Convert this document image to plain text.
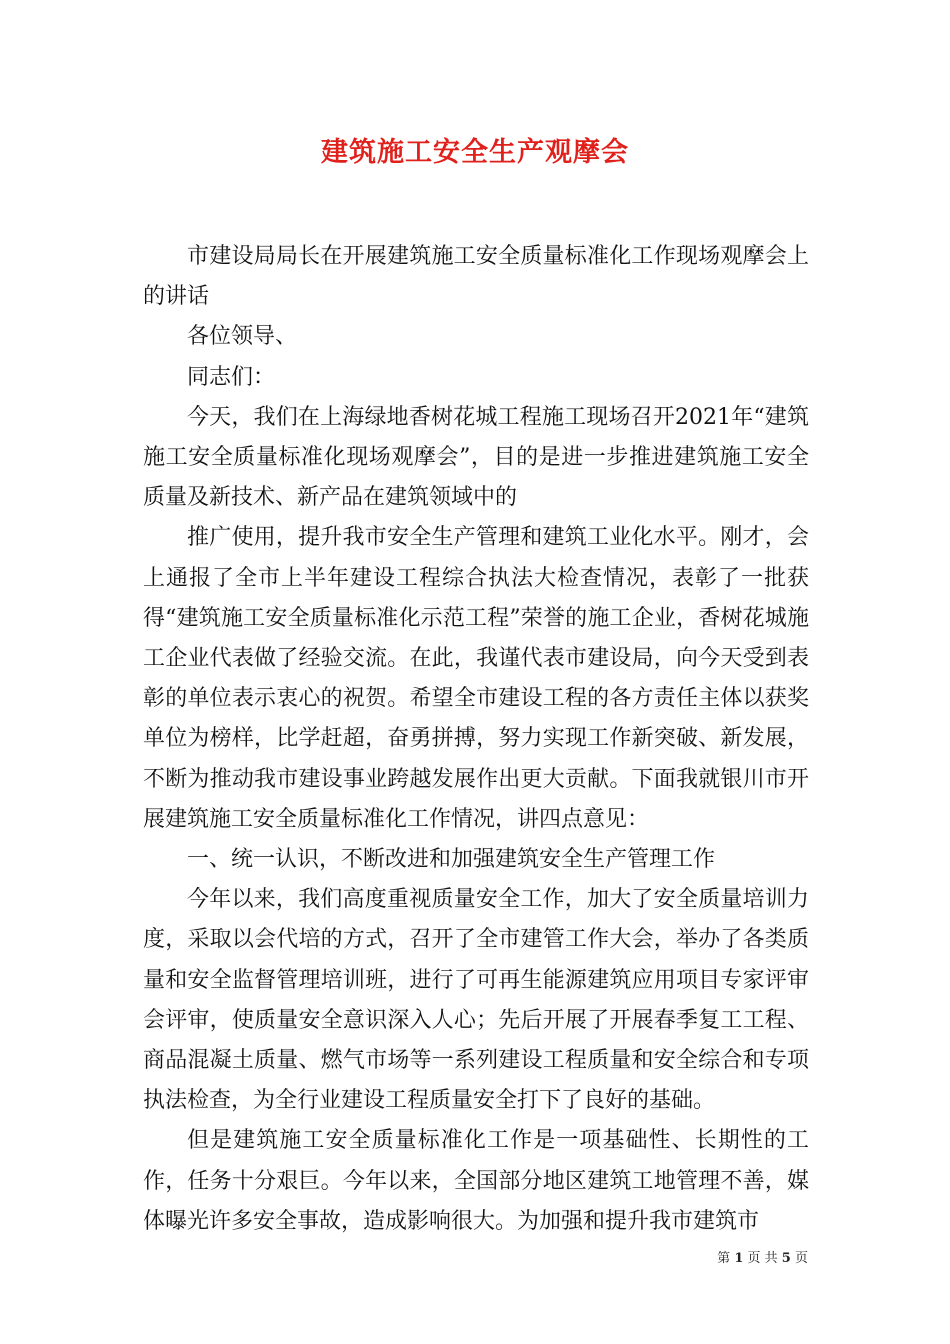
建筑施工安全生产观摩会

市建设局局长在开展建筑施工安全质量标准化工作现场观摩会上的讲话

各位领导、

同志们：

今天，我们在上海绿地香树花城工程施工现场召开2021年“建筑施工安全质量标准化现场观摩会”，目的是进一步推进建筑施工安全质量及新技术、新产品在建筑领域中的

推广使用，提升我市安全生产管理和建筑工业化水平。刚才，会上通报了全市上半年建设工程综合执法大检查情况，表彰了一批获得“建筑施工安全质量标准化示范工程”荣誉的施工企业，香树花城施工企业代表做了经验交流。在此，我谨代表市建设局，向今天受到表彰的单位表示衷心的祝贺。希望全市建设工程的各方责任主体以获奖单位为榜样，比学赶超，奋勇拼搏，努力实现工作新突破、新发展，不断为推动我市建设事业跨越发展作出更大贡献。下面我就银川市开展建筑施工安全质量标准化工作情况，讲四点意见：

一、统一认识，不断改进和加强建筑安全生产管理工作

今年以来，我们高度重视质量安全工作，加大了安全质量培训力度，采取以会代培的方式，召开了全市建管工作大会，举办了各类质量和安全监督管理培训班，进行了可再生能源建筑应用项目专家评审会评审，使质量安全意识深入人心；先后开展了开展春季复工工程、商品混凝土质量、燃气市场等一系列建设工程质量和安全综合和专项执法检查，为全行业建设工程质量安全打下了良好的基础。

但是建筑施工安全质量标准化工作是一项基础性、长期性的工作，任务十分艰巨。今年以来，全国部分地区建筑工地管理不善，媒体曝光许多安全事故，造成影响很大。为加强和提升我市建筑市

第 1 页 共 5 页
